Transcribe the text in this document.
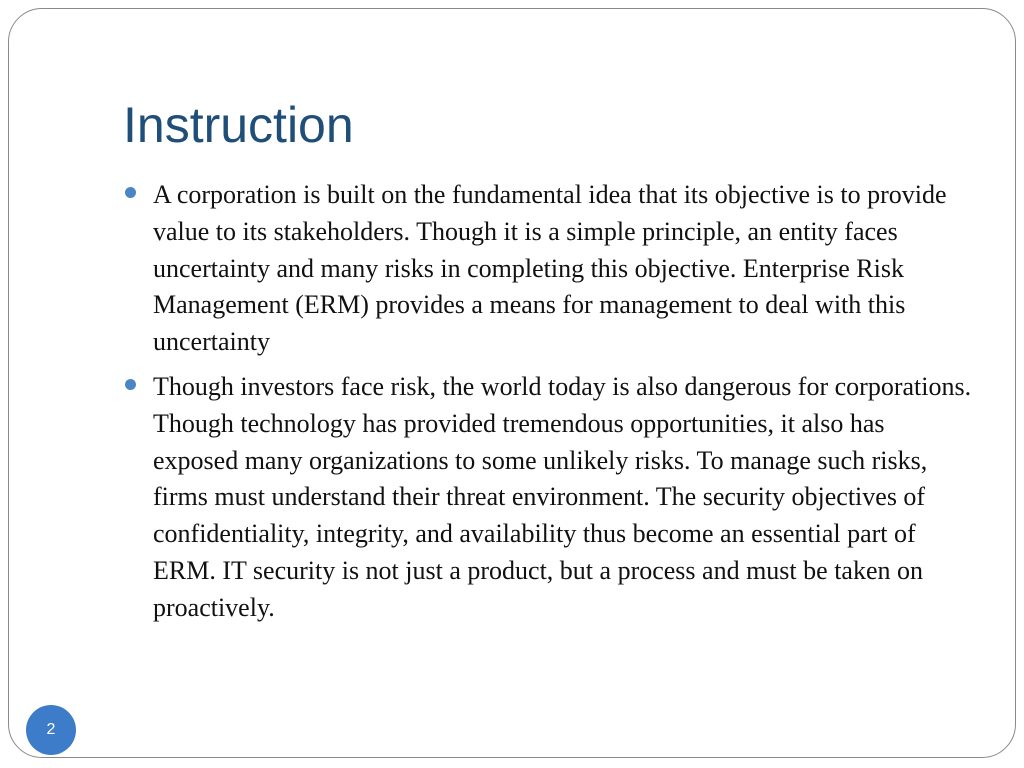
Instruction
A corporation is built on the fundamental idea that its objective is to provide value to its stakeholders. Though it is a simple principle, an entity faces uncertainty and many risks in completing this objective. Enterprise Risk Management (ERM) provides a means for management to deal with this uncertainty
Though investors face risk, the world today is also dangerous for corporations. Though technology has provided tremendous opportunities, it also has exposed many organizations to some unlikely risks. To manage such risks, firms must understand their threat environment. The security objectives of confidentiality, integrity, and availability thus become an essential part of ERM. IT security is not just a product, but a process and must be taken on proactively.
2
